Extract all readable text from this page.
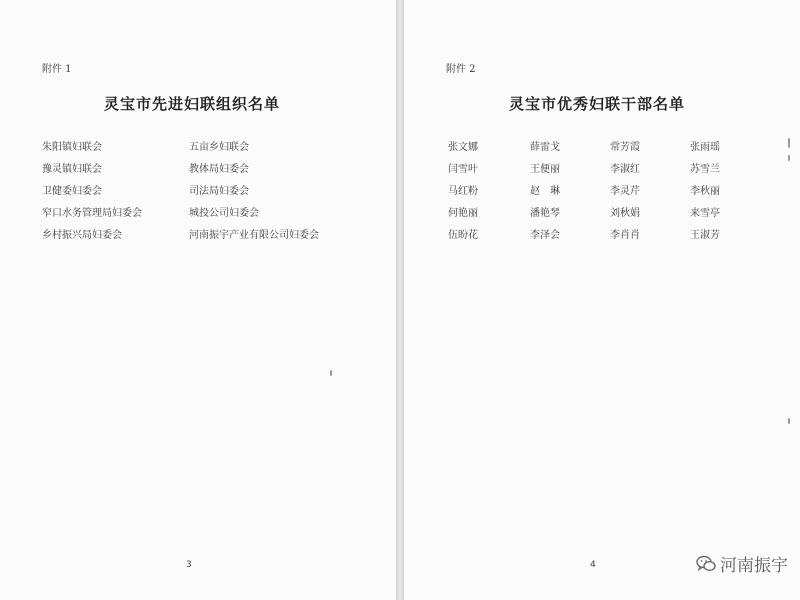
附件 1
灵宝市先进妇联组织名单
朱阳镇妇联会	五亩乡妇联会
豫灵镇妇联会	教体局妇委会
卫健委妇委会	司法局妇委会
窄口水务管理局妇委会	城投公司妇委会
乡村振兴局妇委会	河南振宇产业有限公司妇委会
3
附件 2
灵宝市优秀妇联干部名单
张文娜	薛雷戈	常芳霞	张雨瑶
闫雪叶	王便丽	李淑红	苏雪兰
马红粉	赵　琳	李灵芹	李秋丽
何艳丽	潘艳琴	刘秋娟	来雪亭
伍盼花	李泽会	李肖肖	王淑芳
4	河南振宇
